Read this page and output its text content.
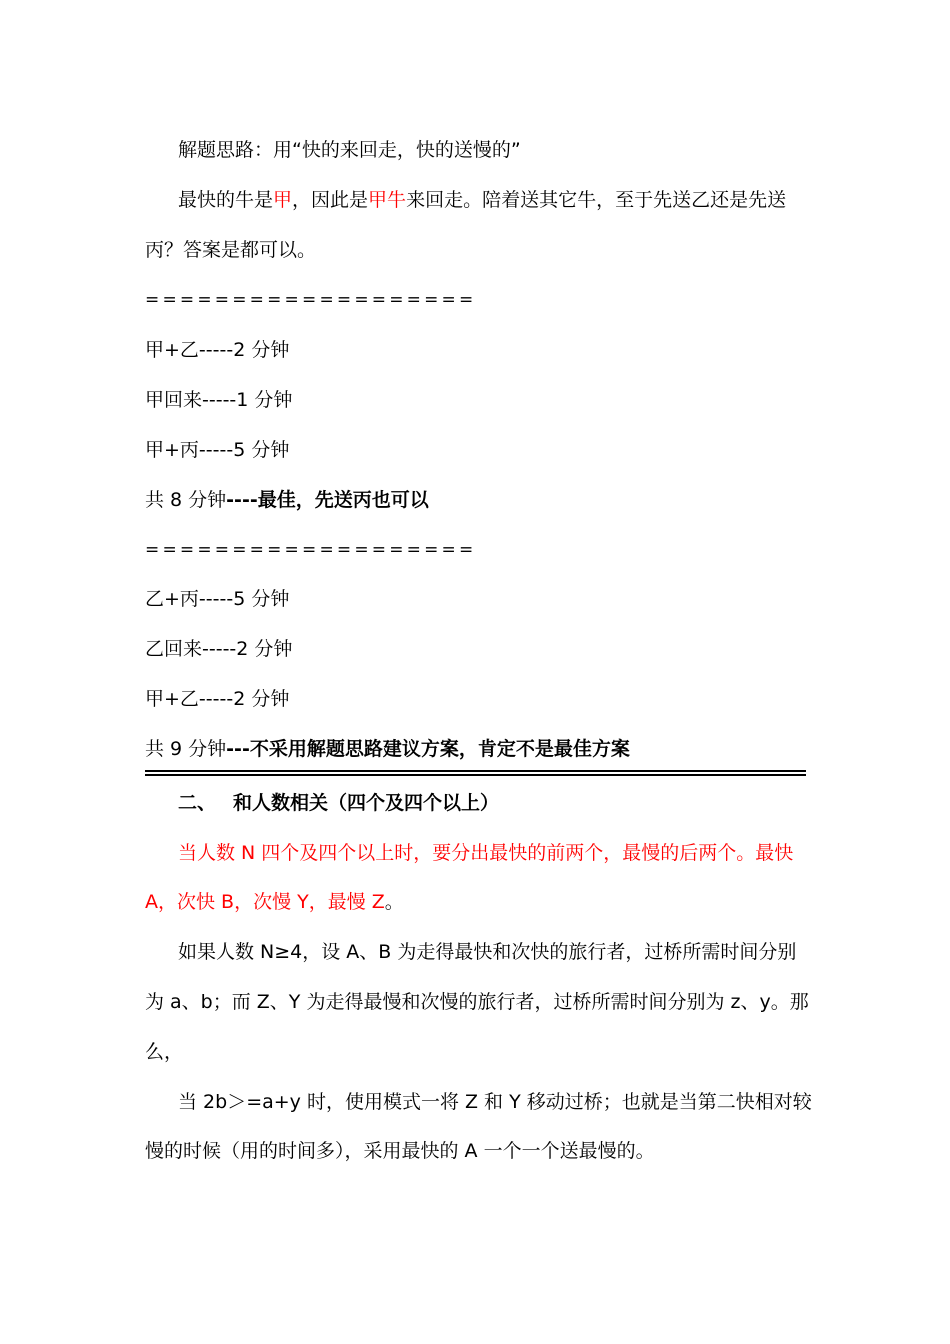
解题思路：用“快的来回走，快的送慢的”
最快的牛是甲，因此是甲牛来回走。陪着送其它牛，至于先送乙还是先送
丙？答案是都可以。
===================
甲+乙-----2 分钟
甲回来-----1 分钟
甲+丙-----5 分钟
共 8 分钟----最佳，先送丙也可以
===================
乙+丙-----5 分钟
乙回来-----2 分钟
甲+乙-----2 分钟
共 9 分钟---不采用解题思路建议方案，肯定不是最佳方案
二、 和人数相关（四个及四个以上）
当人数 N 四个及四个以上时，要分出最快的前两个，最慢的后两个。最快
A，次快 B，次慢 Y，最慢 Z。
如果人数 N≥4，设 A、B 为走得最快和次快的旅行者，过桥所需时间分别
为 a、b；而 Z、Y 为走得最慢和次慢的旅行者，过桥所需时间分别为 z、y。那
么，
当 2b＞=a+y 时，使用模式一将 Z 和 Y 移动过桥；也就是当第二快相对较
慢的时候（用的时间多），采用最快的 A 一个一个送最慢的。
